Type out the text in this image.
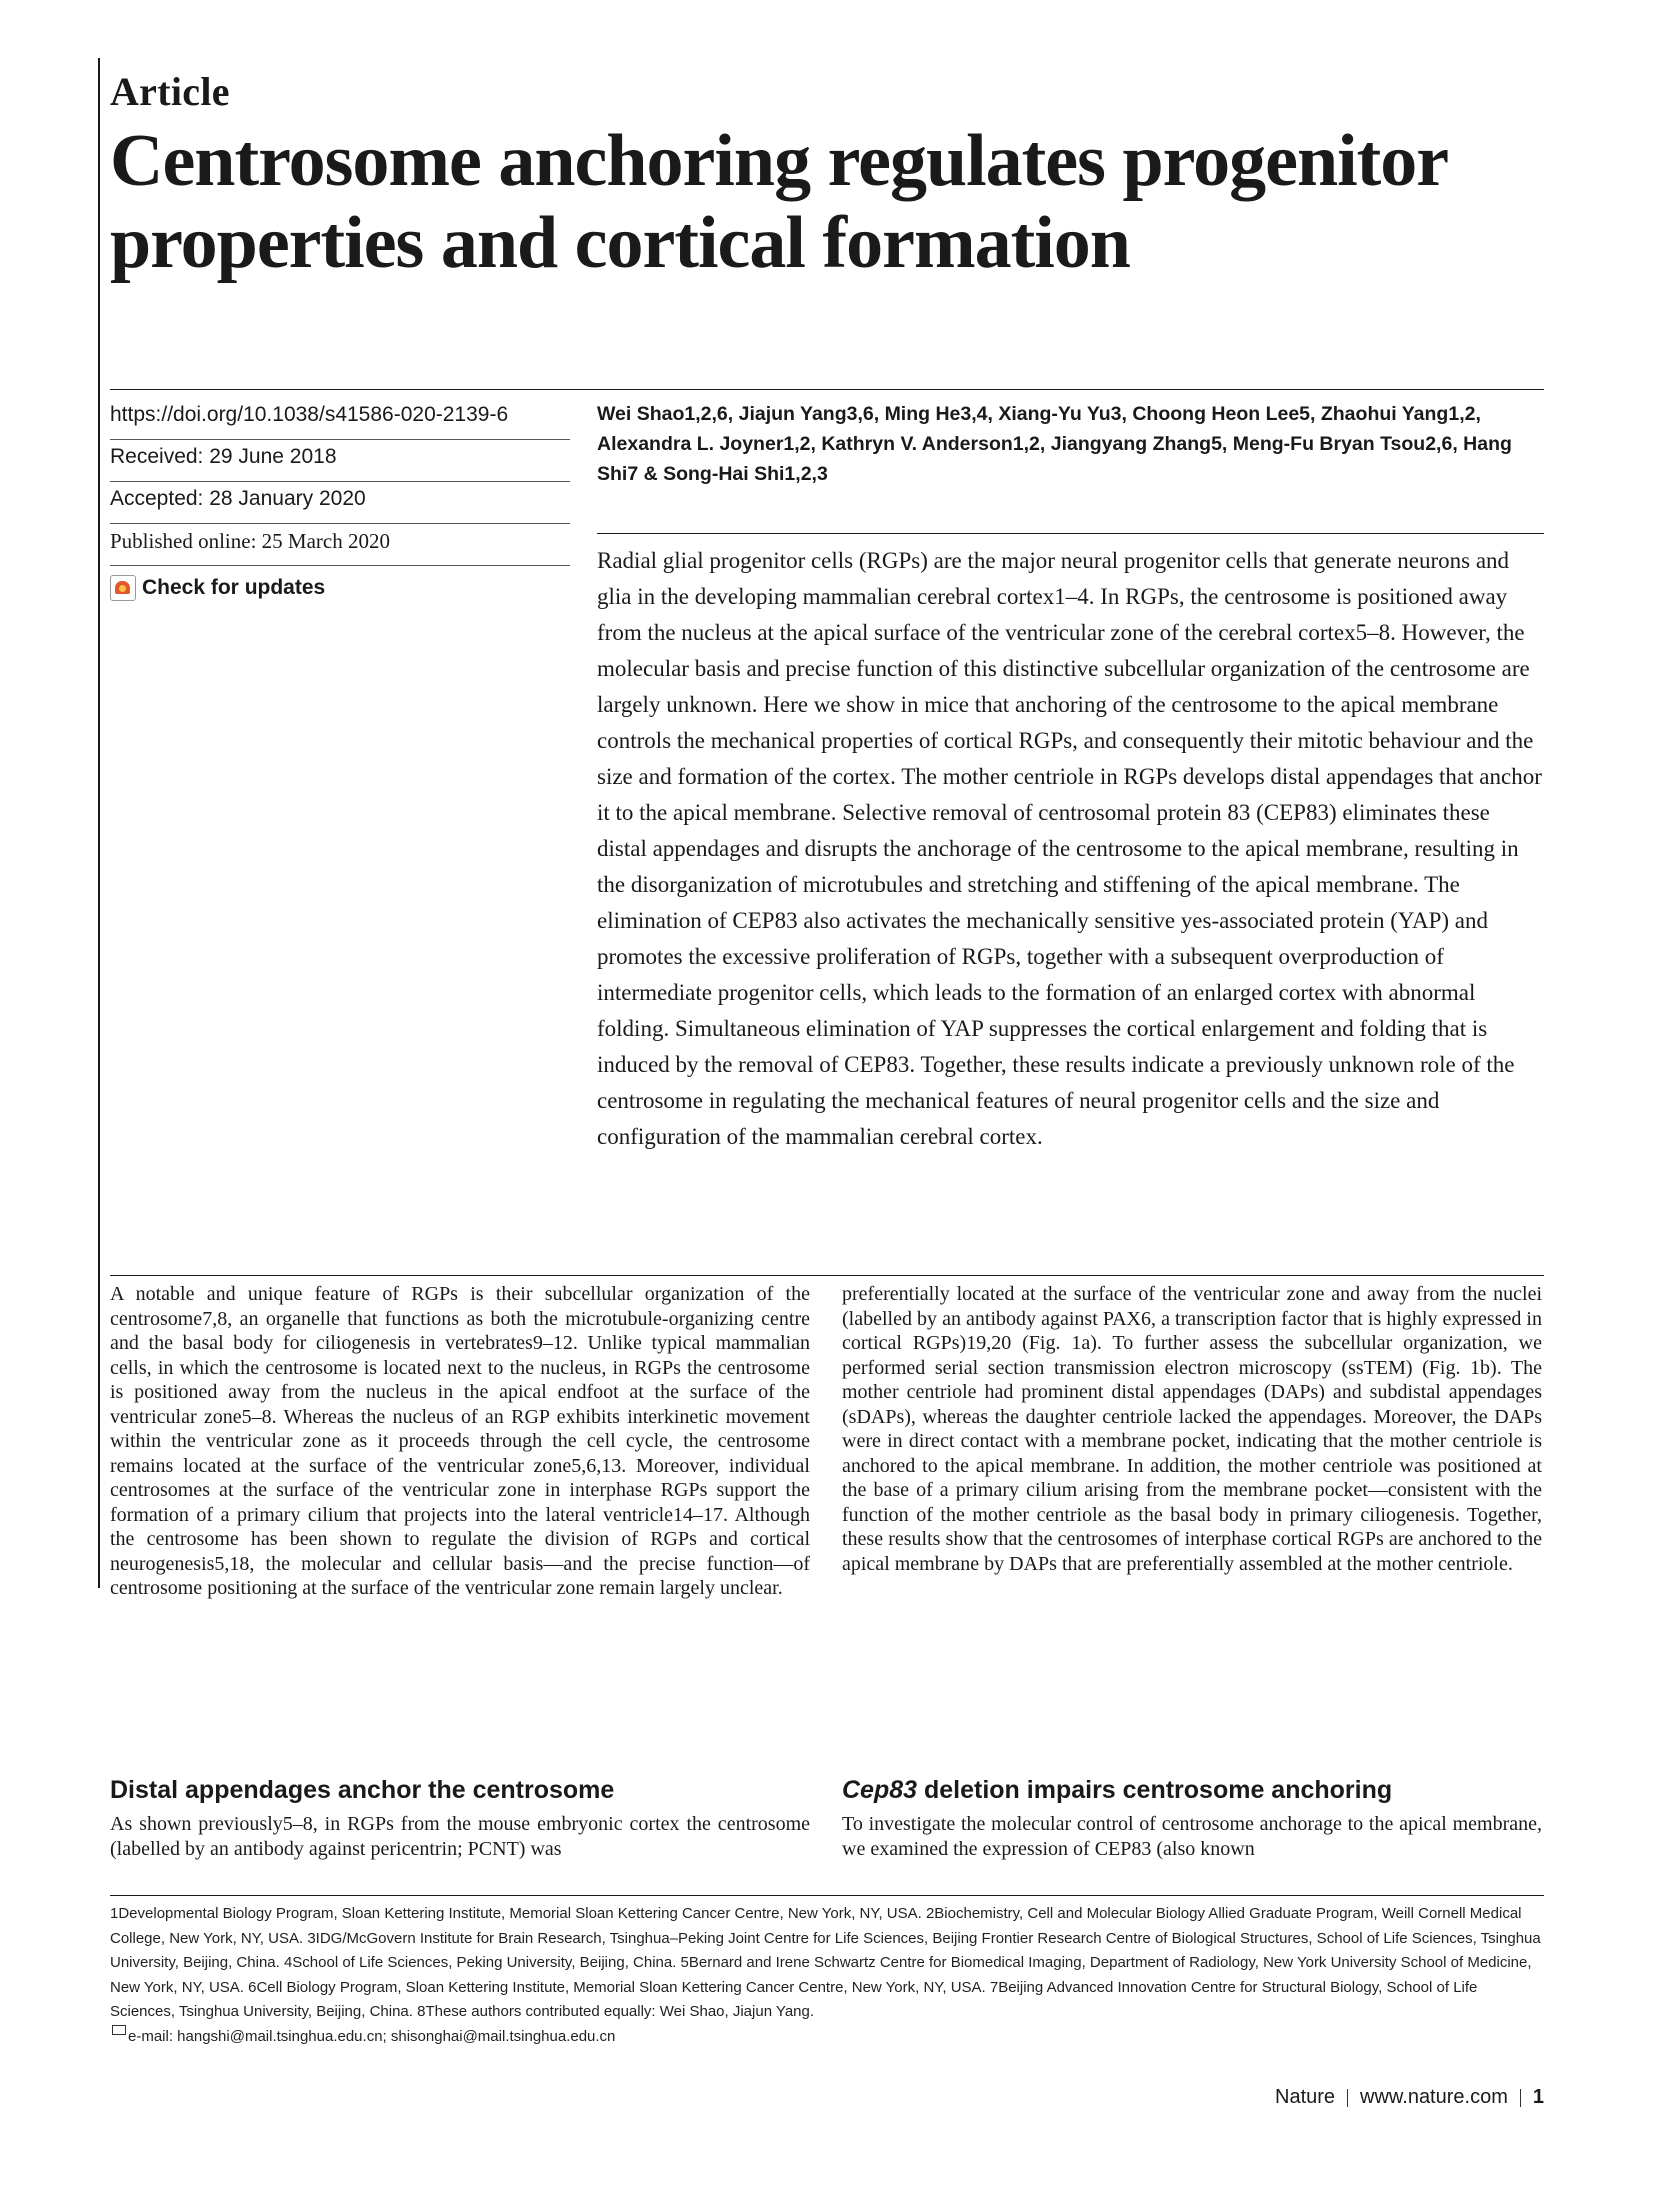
Article
Centrosome anchoring regulates progenitor properties and cortical formation
https://doi.org/10.1038/s41586-020-2139-6
Received: 29 June 2018
Accepted: 28 January 2020
Published online: 25 March 2020
Check for updates
Wei Shao1,2,6, Jiajun Yang3,6, Ming He3,4, Xiang-Yu Yu3, Choong Heon Lee5, Zhaohui Yang1,2, Alexandra L. Joyner1,2, Kathryn V. Anderson1,2, Jiangyang Zhang5, Meng-Fu Bryan Tsou2,6, Hang Shi7 & Song-Hai Shi1,2,3
Radial glial progenitor cells (RGPs) are the major neural progenitor cells that generate neurons and glia in the developing mammalian cerebral cortex1–4. In RGPs, the centrosome is positioned away from the nucleus at the apical surface of the ventricular zone of the cerebral cortex5–8. However, the molecular basis and precise function of this distinctive subcellular organization of the centrosome are largely unknown. Here we show in mice that anchoring of the centrosome to the apical membrane controls the mechanical properties of cortical RGPs, and consequently their mitotic behaviour and the size and formation of the cortex. The mother centriole in RGPs develops distal appendages that anchor it to the apical membrane. Selective removal of centrosomal protein 83 (CEP83) eliminates these distal appendages and disrupts the anchorage of the centrosome to the apical membrane, resulting in the disorganization of microtubules and stretching and stiffening of the apical membrane. The elimination of CEP83 also activates the mechanically sensitive yes-associated protein (YAP) and promotes the excessive proliferation of RGPs, together with a subsequent overproduction of intermediate progenitor cells, which leads to the formation of an enlarged cortex with abnormal folding. Simultaneous elimination of YAP suppresses the cortical enlargement and folding that is induced by the removal of CEP83. Together, these results indicate a previously unknown role of the centrosome in regulating the mechanical features of neural progenitor cells and the size and configuration of the mammalian cerebral cortex.

A notable and unique feature of RGPs is their subcellular organization of the centrosome7,8, an organelle that functions as both the microtubule-organizing centre and the basal body for ciliogenesis in vertebrates9–12. Unlike typical mammalian cells, in which the centrosome is located next to the nucleus, in RGPs the centrosome is positioned away from the nucleus in the apical endfoot at the surface of the ventricular zone5–8. Whereas the nucleus of an RGP exhibits interkinetic movement within the ventricular zone as it proceeds through the cell cycle, the centrosome remains located at the surface of the ventricular zone5,6,13. Moreover, individual centrosomes at the surface of the ventricular zone in interphase RGPs support the formation of a primary cilium that projects into the lateral ventricle14–17. Although the centrosome has been shown to regulate the division of RGPs and cortical neurogenesis5,18, the molecular and cellular basis—and the precise function—of centrosome positioning at the surface of the ventricular zone remain largely unclear.

preferentially located at the surface of the ventricular zone and away from the nuclei (labelled by an antibody against PAX6, a transcription factor that is highly expressed in cortical RGPs)19,20 (Fig. 1a). To further assess the subcellular organization, we performed serial section transmission electron microscopy (ssTEM) (Fig. 1b). The mother centriole had prominent distal appendages (DAPs) and subdistal appendages (sDAPs), whereas the daughter centriole lacked the appendages. Moreover, the DAPs were in direct contact with a membrane pocket, indicating that the mother centriole is anchored to the apical membrane. In addition, the mother centriole was positioned at the base of a primary cilium arising from the membrane pocket—consistent with the function of the mother centriole as the basal body in primary ciliogenesis. Together, these results show that the centrosomes of interphase cortical RGPs are anchored to the apical membrane by DAPs that are preferentially assembled at the mother centriole.

Distal appendages anchor the centrosome	Cep83 deletion impairs centrosome anchoring

As shown previously5–8, in RGPs from the mouse embryonic cortex the centrosome (labelled by an antibody against pericentrin; PCNT) was

To investigate the molecular control of centrosome anchorage to the apical membrane, we examined the expression of CEP83 (also known

1Developmental Biology Program, Sloan Kettering Institute, Memorial Sloan Kettering Cancer Centre, New York, NY, USA. 2Biochemistry, Cell and Molecular Biology Allied Graduate Program, Weill Cornell Medical College, New York, NY, USA. 3IDG/McGovern Institute for Brain Research, Tsinghua–Peking Joint Centre for Life Sciences, Beijing Frontier Research Centre of Biological Structures, School of Life Sciences, Tsinghua University, Beijing, China. 4School of Life Sciences, Peking University, Beijing, China. 5Bernard and Irene Schwartz Centre for Biomedical Imaging, Department of Radiology, New York University School of Medicine, New York, NY, USA. 6Cell Biology Program, Sloan Kettering Institute, Memorial Sloan Kettering Cancer Centre, New York, NY, USA. 7Beijing Advanced Innovation Centre for Structural Biology, School of Life Sciences, Tsinghua University, Beijing, China. 8These authors contributed equally: Wei Shao, Jiajun Yang.
e-mail: hangshi@mail.tsinghua.edu.cn; shisonghai@mail.tsinghua.edu.cn
Nature www.nature.com 1
